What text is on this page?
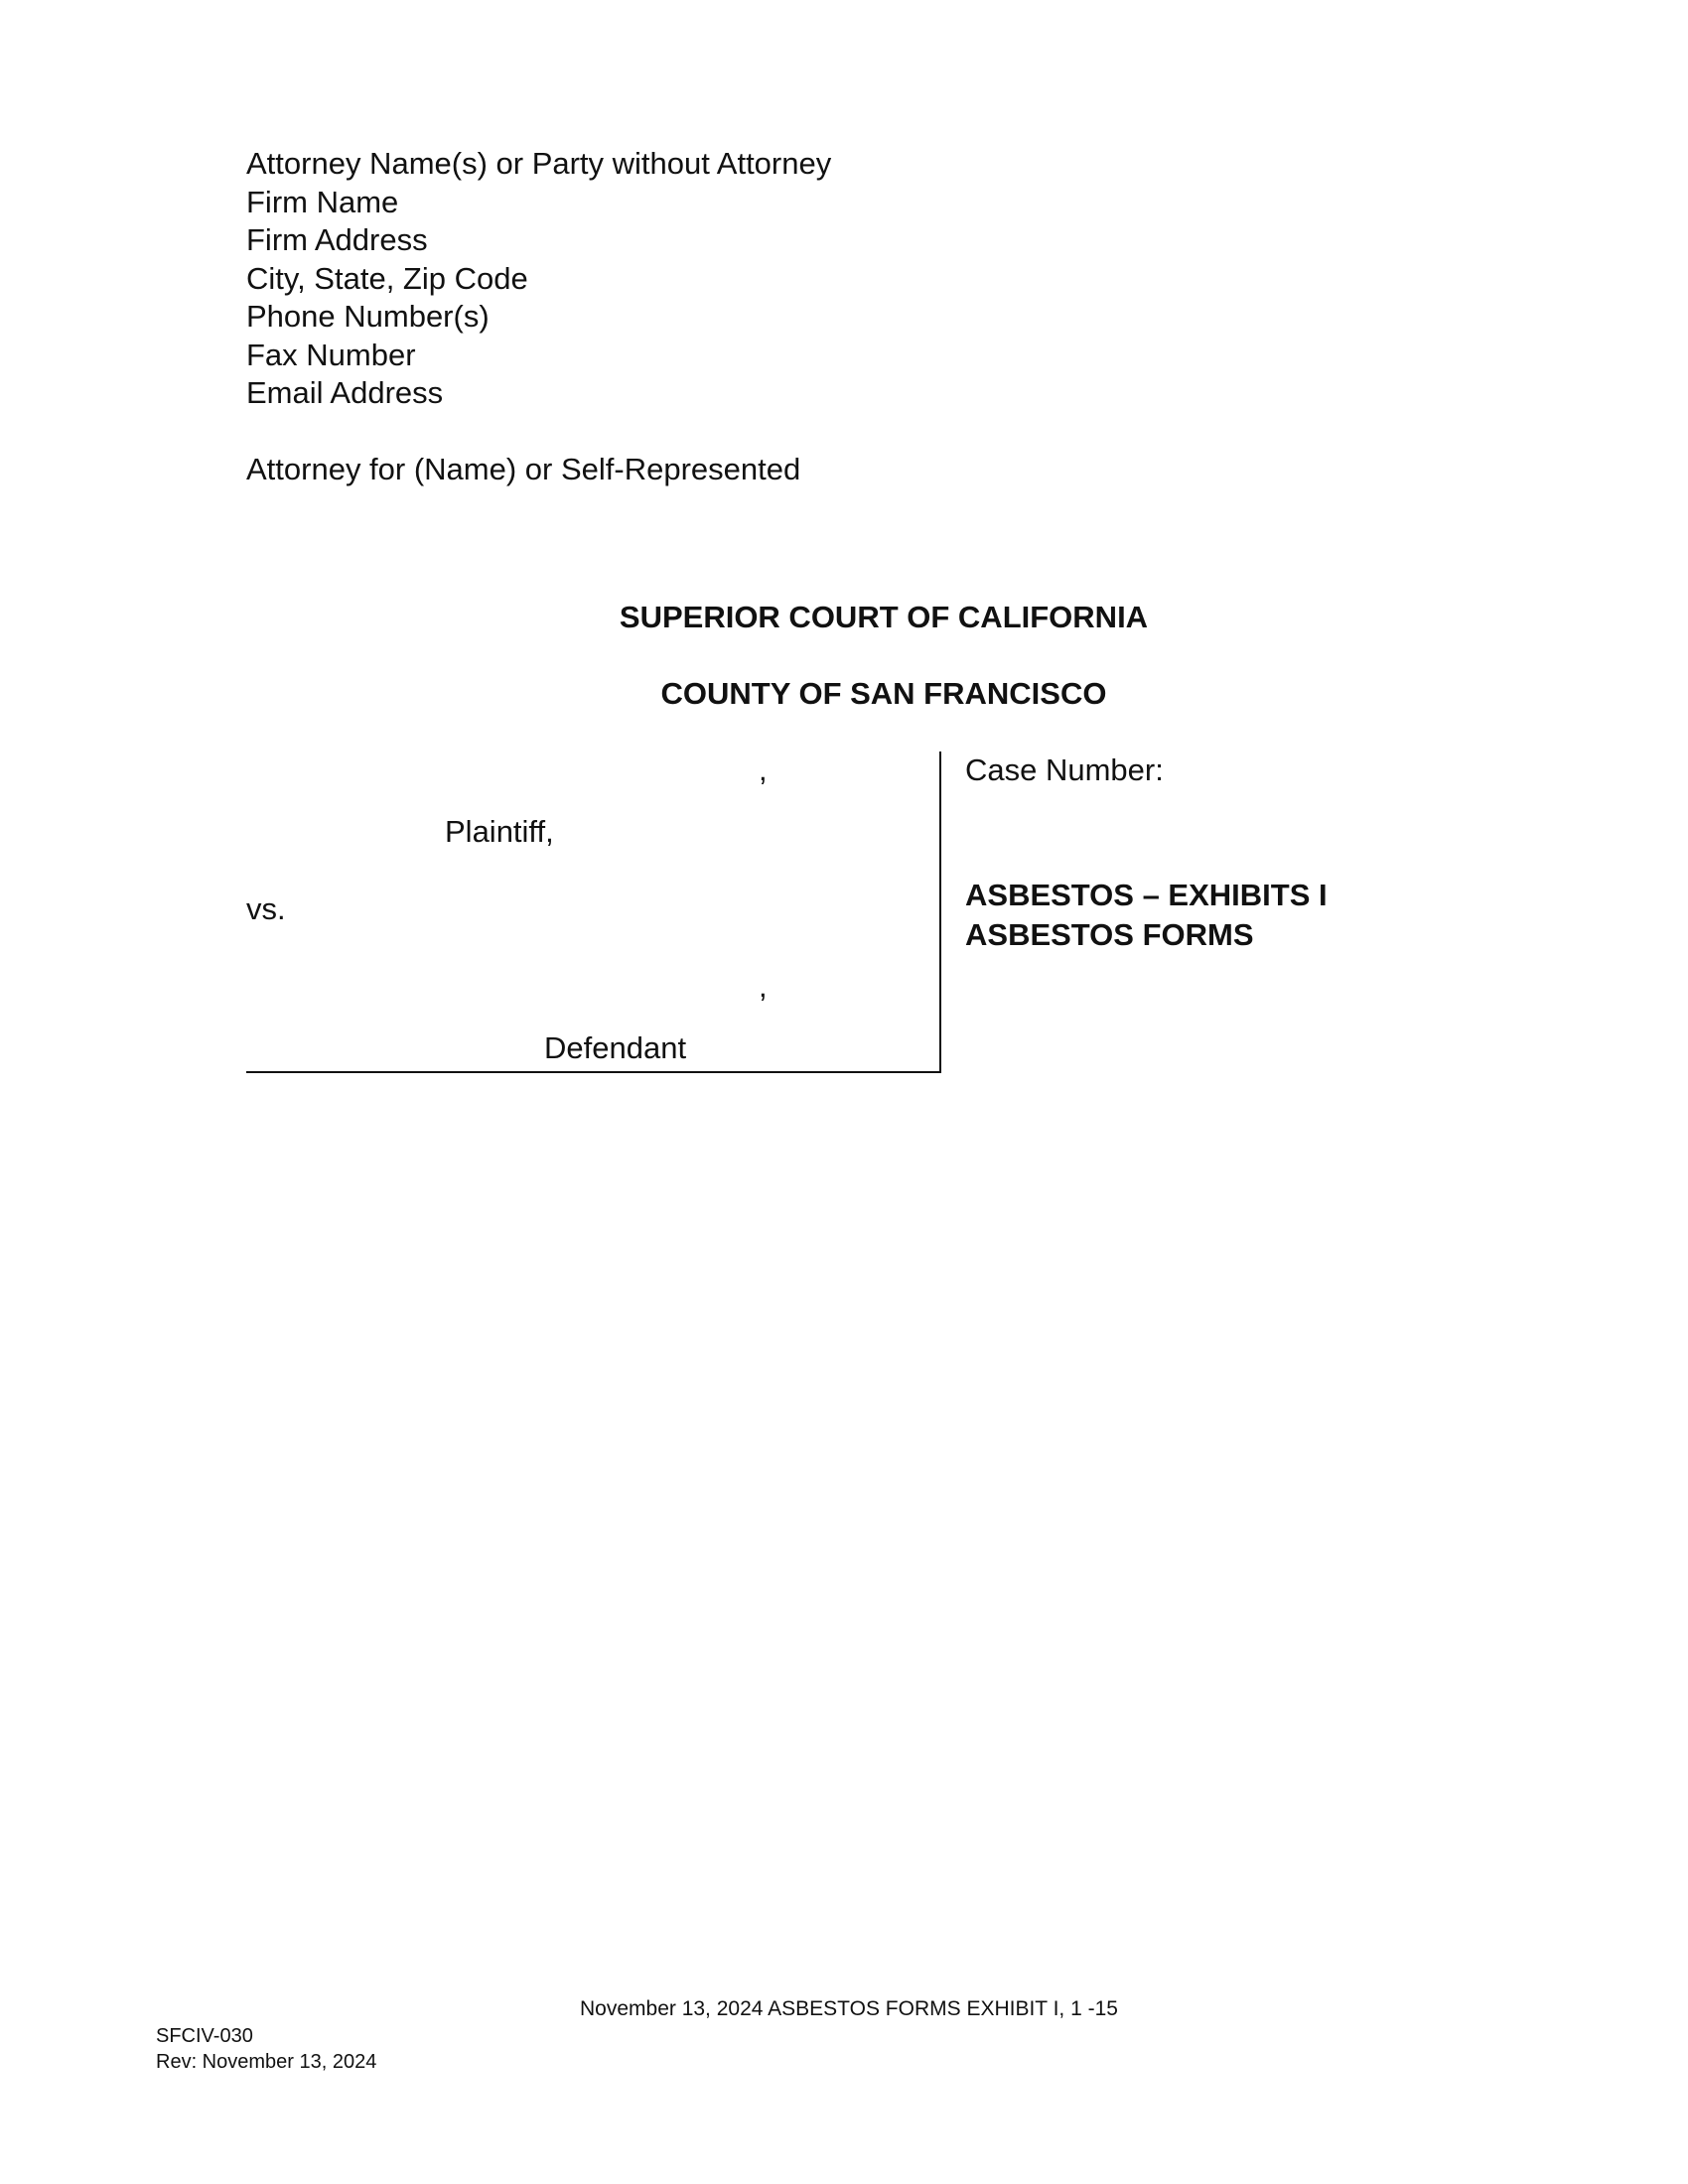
Attorney Name(s) or Party without Attorney
Firm Name
Firm Address
City, State, Zip Code
Phone Number(s)
Fax Number
Email Address
Attorney for (Name) or Self-Represented
SUPERIOR COURT OF CALIFORNIA
COUNTY OF SAN FRANCISCO
,
Plaintiff,
vs.
,
Defendant
Case Number:
ASBESTOS – EXHIBITS I
ASBESTOS FORMS
November 13, 2024 ASBESTOS FORMS EXHIBIT I, 1 -15
SFCIV-030
Rev: November 13, 2024
